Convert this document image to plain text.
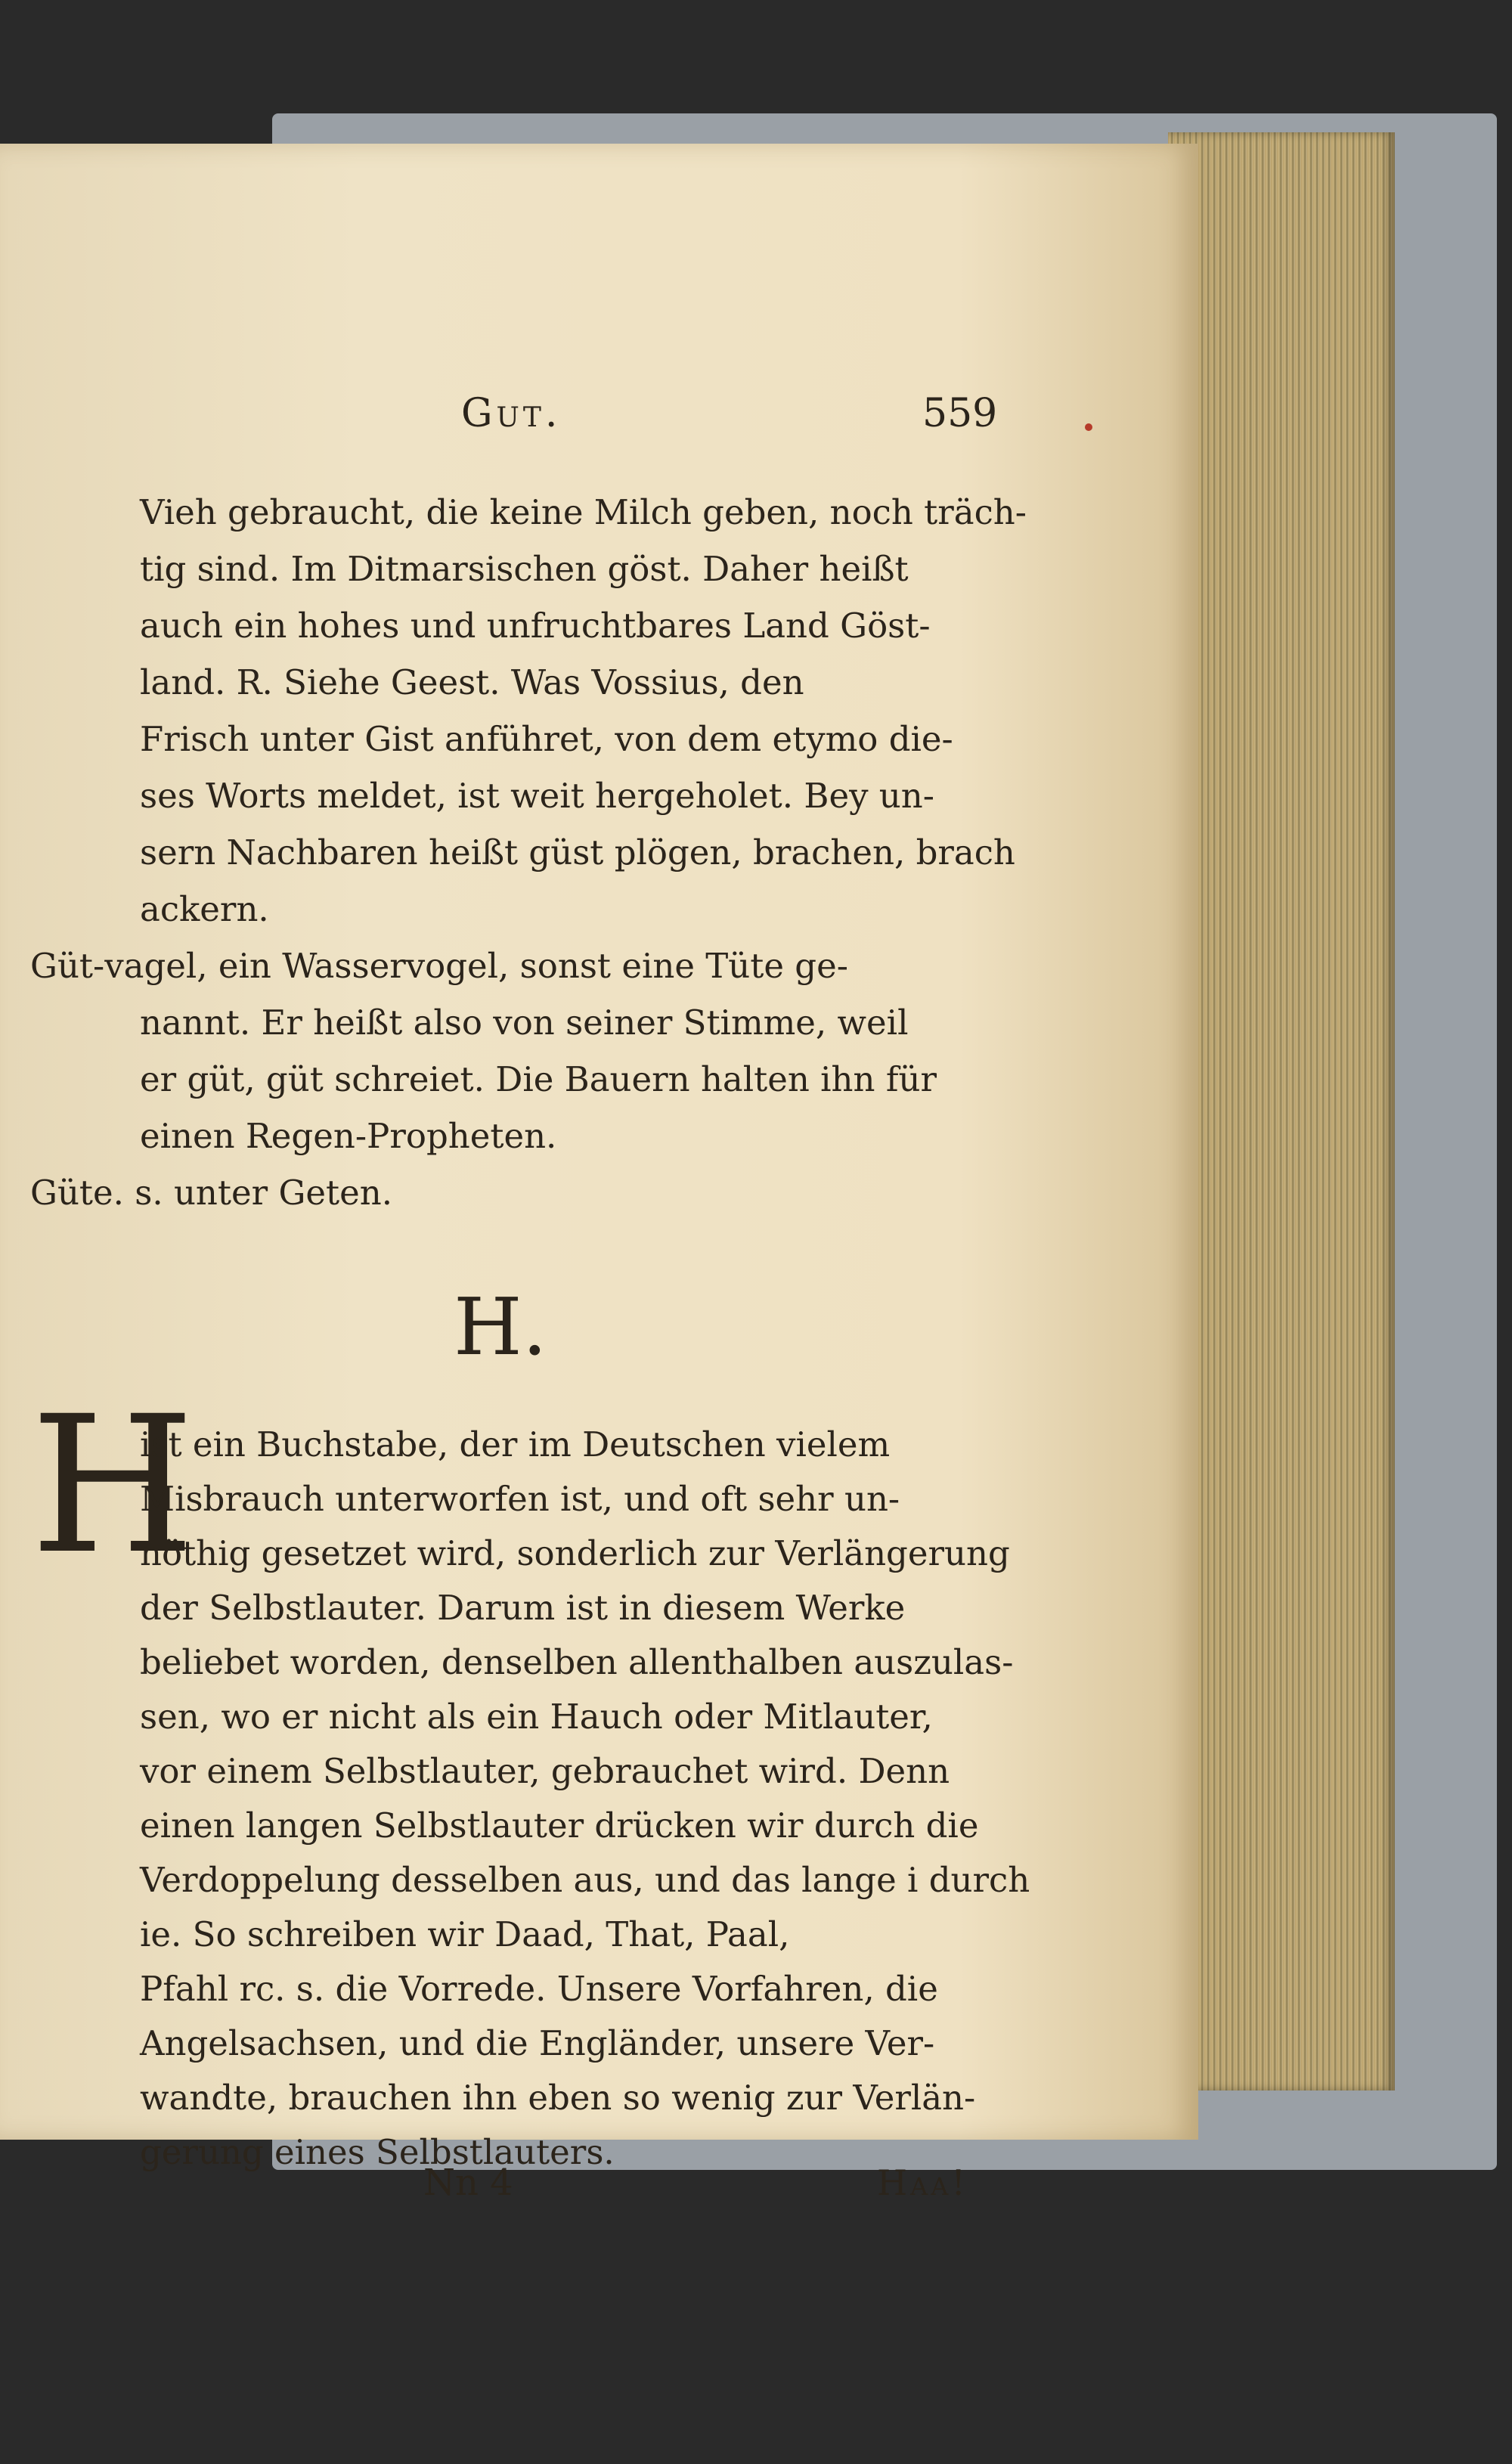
Gut.	559
Vieh gebraucht, die keine Milch geben, noch träch-
tig sind. Im Ditmarsischen göst. Daher heißt
auch ein hohes und unfruchtbares Land Göst-
land. R. Siehe Geest. Was Vossius, den
Frisch unter Gist anführet, von dem etymo die-
ses Worts meldet, ist weit hergeholet. Bey un-
sern Nachbaren heißt güst plögen, brachen, brach
ackern.
Güt-vagel, ein Wasservogel, sonst eine Tüte ge-
nannt. Er heißt also von seiner Stimme, weil
er güt, güt schreiet. Die Bauern halten ihn für
einen Regen-Propheten.
Güte. s. unter Geten.
H.
H
ist ein Buchstabe, der im Deutschen vielem
Misbrauch unterworfen ist, und oft sehr un-
nöthig gesetzet wird, sonderlich zur Verlängerung
der Selbstlauter. Darum ist in diesem Werke
beliebet worden, denselben allenthalben auszulas-
sen, wo er nicht als ein Hauch oder Mitlauter,
vor einem Selbstlauter, gebrauchet wird. Denn
einen langen Selbstlauter drücken wir durch die
Verdoppelung desselben aus, und das lange i durch
ie. So schreiben wir Daad, That, Paal,
Pfahl rc. s. die Vorrede. Unsere Vorfahren, die
Angelsachsen, und die Engländer, unsere Ver-
wandte, brauchen ihn eben so wenig zur Verlän-
gerung eines Selbstlauters.
Nn 4	Haa!
